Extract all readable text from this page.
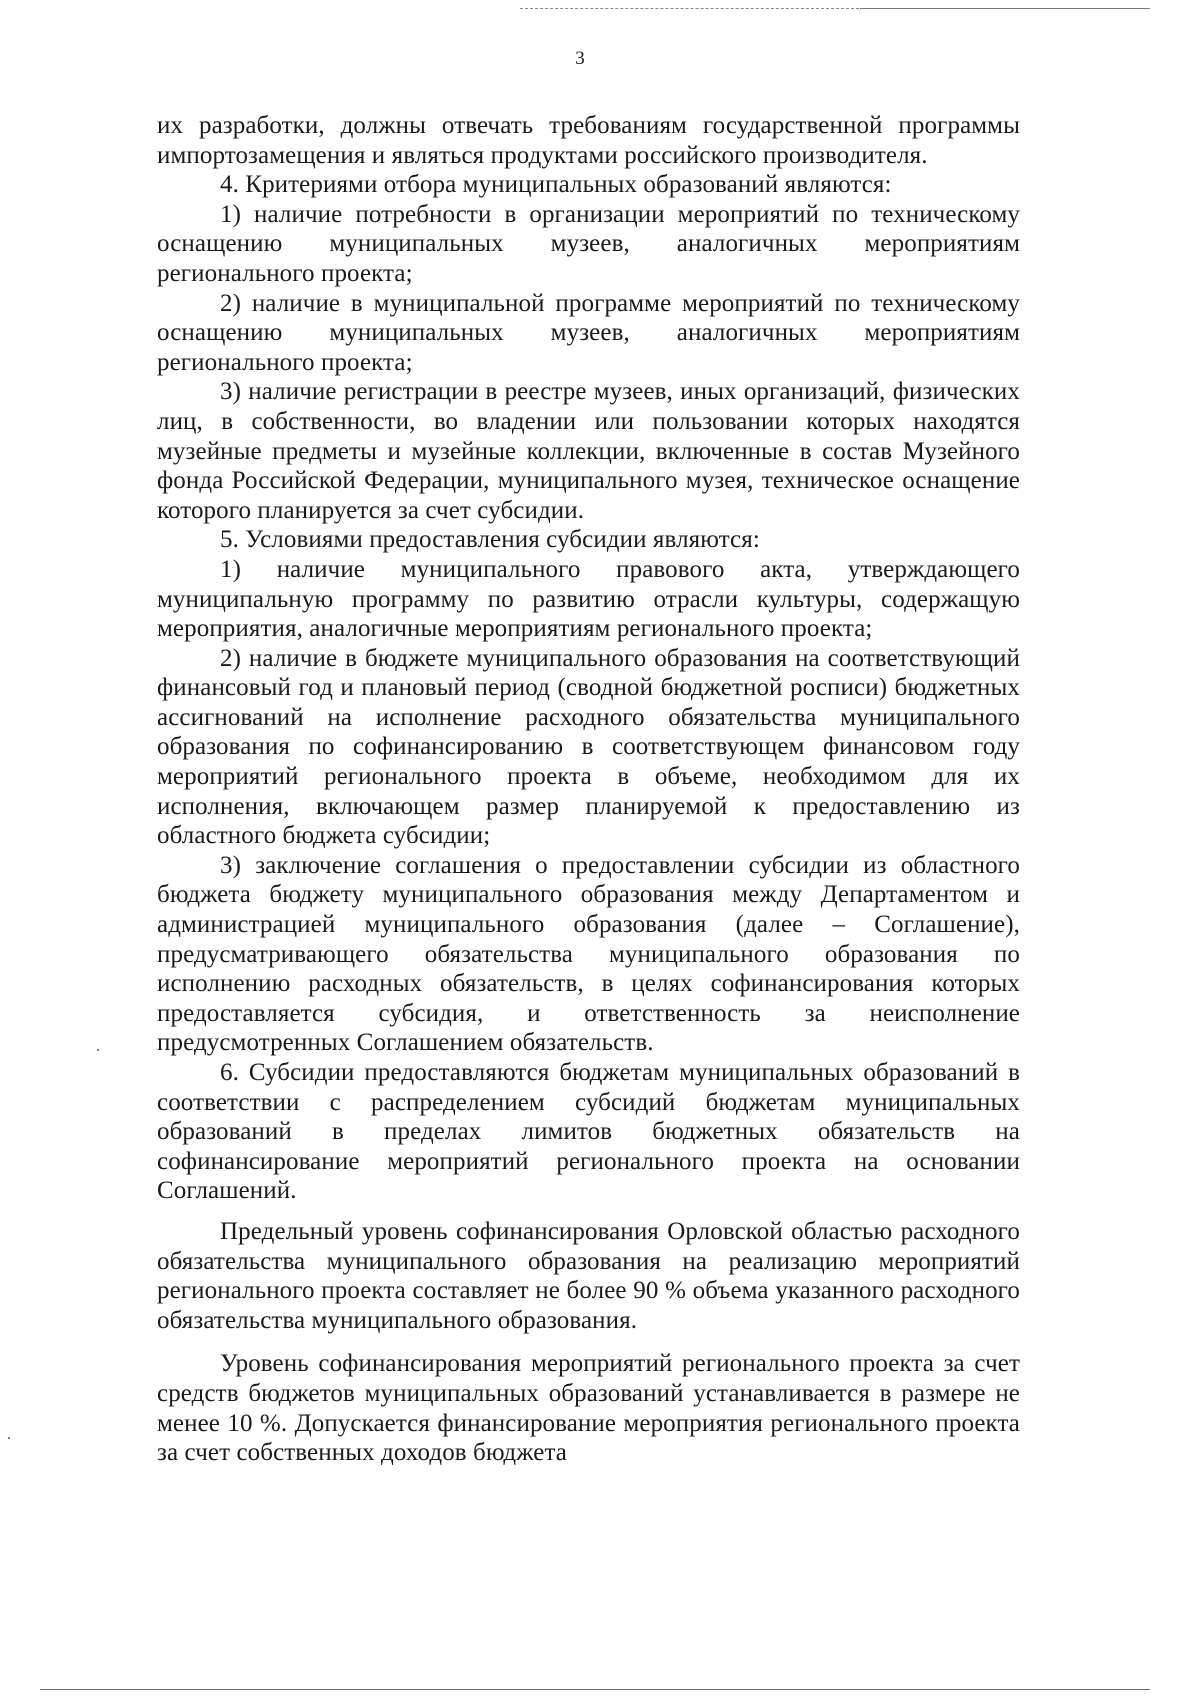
3

их разработки, должны отвечать требованиям государственной программы импортозамещения и являться продуктами российского производителя.

4. Критериями отбора муниципальных образований являются:

1) наличие потребности в организации мероприятий по техническому оснащению муниципальных музеев, аналогичных мероприятиям регионального проекта;

2) наличие в муниципальной программе мероприятий по техническому оснащению муниципальных музеев, аналогичных мероприятиям регионального проекта;

3) наличие регистрации в реестре музеев, иных организаций, физических лиц, в собственности, во владении или пользовании которых находятся музейные предметы и музейные коллекции, включенные в состав Музейного фонда Российской Федерации, муниципального музея, техническое оснащение которого планируется за счет субсидии.

5. Условиями предоставления субсидии являются:

1) наличие муниципального правового акта, утверждающего муниципальную программу по развитию отрасли культуры, содержащую мероприятия, аналогичные мероприятиям регионального проекта;

2) наличие в бюджете муниципального образования на соответствующий финансовый год и плановый период (сводной бюджетной росписи) бюджетных ассигнований на исполнение расходного обязательства муниципального образования по софинансированию в соответствующем финансовом году мероприятий регионального проекта в объеме, необходимом для их исполнения, включающем размер планируемой к предоставлению из областного бюджета субсидии;

3) заключение соглашения о предоставлении субсидии из областного бюджета бюджету муниципального образования между Департаментом и администрацией муниципального образования (далее – Соглашение), предусматривающего обязательства муниципального образования по исполнению расходных обязательств, в целях софинансирования которых предоставляется субсидия, и ответственность за неисполнение предусмотренных Соглашением обязательств.

6. Субсидии предоставляются бюджетам муниципальных образований в соответствии с распределением субсидий бюджетам муниципальных образований в пределах лимитов бюджетных обязательств на софинансирование мероприятий регионального проекта на основании Соглашений.

Предельный уровень софинансирования Орловской областью расходного обязательства муниципального образования на реализацию мероприятий регионального проекта составляет не более 90 % объема указанного расходного обязательства муниципального образования.

Уровень софинансирования мероприятий регионального проекта за счет средств бюджетов муниципальных образований устанавливается в размере не менее 10 %. Допускается финансирование мероприятия регионального проекта за счет собственных доходов бюджета
